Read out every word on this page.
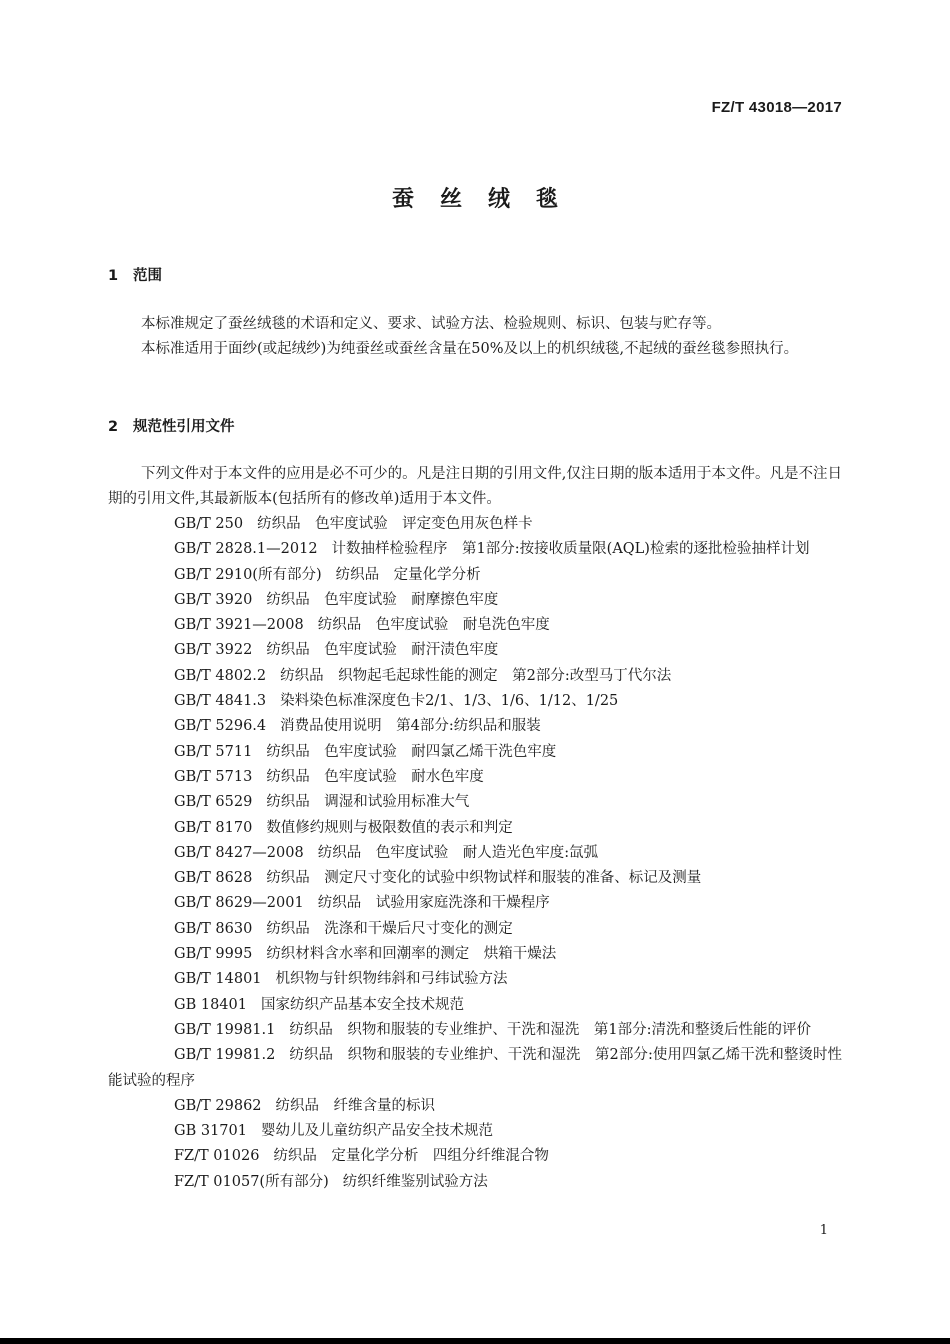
FZ/T 43018—2017
蚕丝绒毯
1 范围
本标准规定了蚕丝绒毯的术语和定义、要求、试验方法、检验规则、标识、包装与贮存等。
本标准适用于面纱(或起绒纱)为纯蚕丝或蚕丝含量在50%及以上的机织绒毯,不起绒的蚕丝毯参照执行。
2 规范性引用文件
下列文件对于本文件的应用是必不可少的。凡是注日期的引用文件,仅注日期的版本适用于本文件。凡是不注日期的引用文件,其最新版本(包括所有的修改单)适用于本文件。
GB/T 250 纺织品　色牢度试验　评定变色用灰色样卡
GB/T 2828.1—2012 计数抽样检验程序　第1部分:按接收质量限(AQL)检索的逐批检验抽样计划
GB/T 2910(所有部分) 纺织品　定量化学分析
GB/T 3920 纺织品　色牢度试验　耐摩擦色牢度
GB/T 3921—2008 纺织品　色牢度试验　耐皂洗色牢度
GB/T 3922 纺织品　色牢度试验　耐汗渍色牢度
GB/T 4802.2 纺织品　织物起毛起球性能的测定　第2部分:改型马丁代尔法
GB/T 4841.3 染料染色标准深度色卡2/1、1/3、1/6、1/12、1/25
GB/T 5296.4 消费品使用说明　第4部分:纺织品和服装
GB/T 5711 纺织品　色牢度试验　耐四氯乙烯干洗色牢度
GB/T 5713 纺织品　色牢度试验　耐水色牢度
GB/T 6529 纺织品　调湿和试验用标准大气
GB/T 8170 数值修约规则与极限数值的表示和判定
GB/T 8427—2008 纺织品　色牢度试验　耐人造光色牢度:氙弧
GB/T 8628 纺织品　测定尺寸变化的试验中织物试样和服装的准备、标记及测量
GB/T 8629—2001 纺织品　试验用家庭洗涤和干燥程序
GB/T 8630 纺织品　洗涤和干燥后尺寸变化的测定
GB/T 9995 纺织材料含水率和回潮率的测定　烘箱干燥法
GB/T 14801 机织物与针织物纬斜和弓纬试验方法
GB 18401 国家纺织产品基本安全技术规范
GB/T 19981.1 纺织品　织物和服装的专业维护、干洗和湿洗　第1部分:清洗和整烫后性能的评价
GB/T 19981.2 纺织品　织物和服装的专业维护、干洗和湿洗　第2部分:使用四氯乙烯干洗和整烫时性能试验的程序
GB/T 29862 纺织品　纤维含量的标识
GB 31701 婴幼儿及儿童纺织产品安全技术规范
FZ/T 01026 纺织品　定量化学分析　四组分纤维混合物
FZ/T 01057(所有部分) 纺织纤维鉴别试验方法
1
